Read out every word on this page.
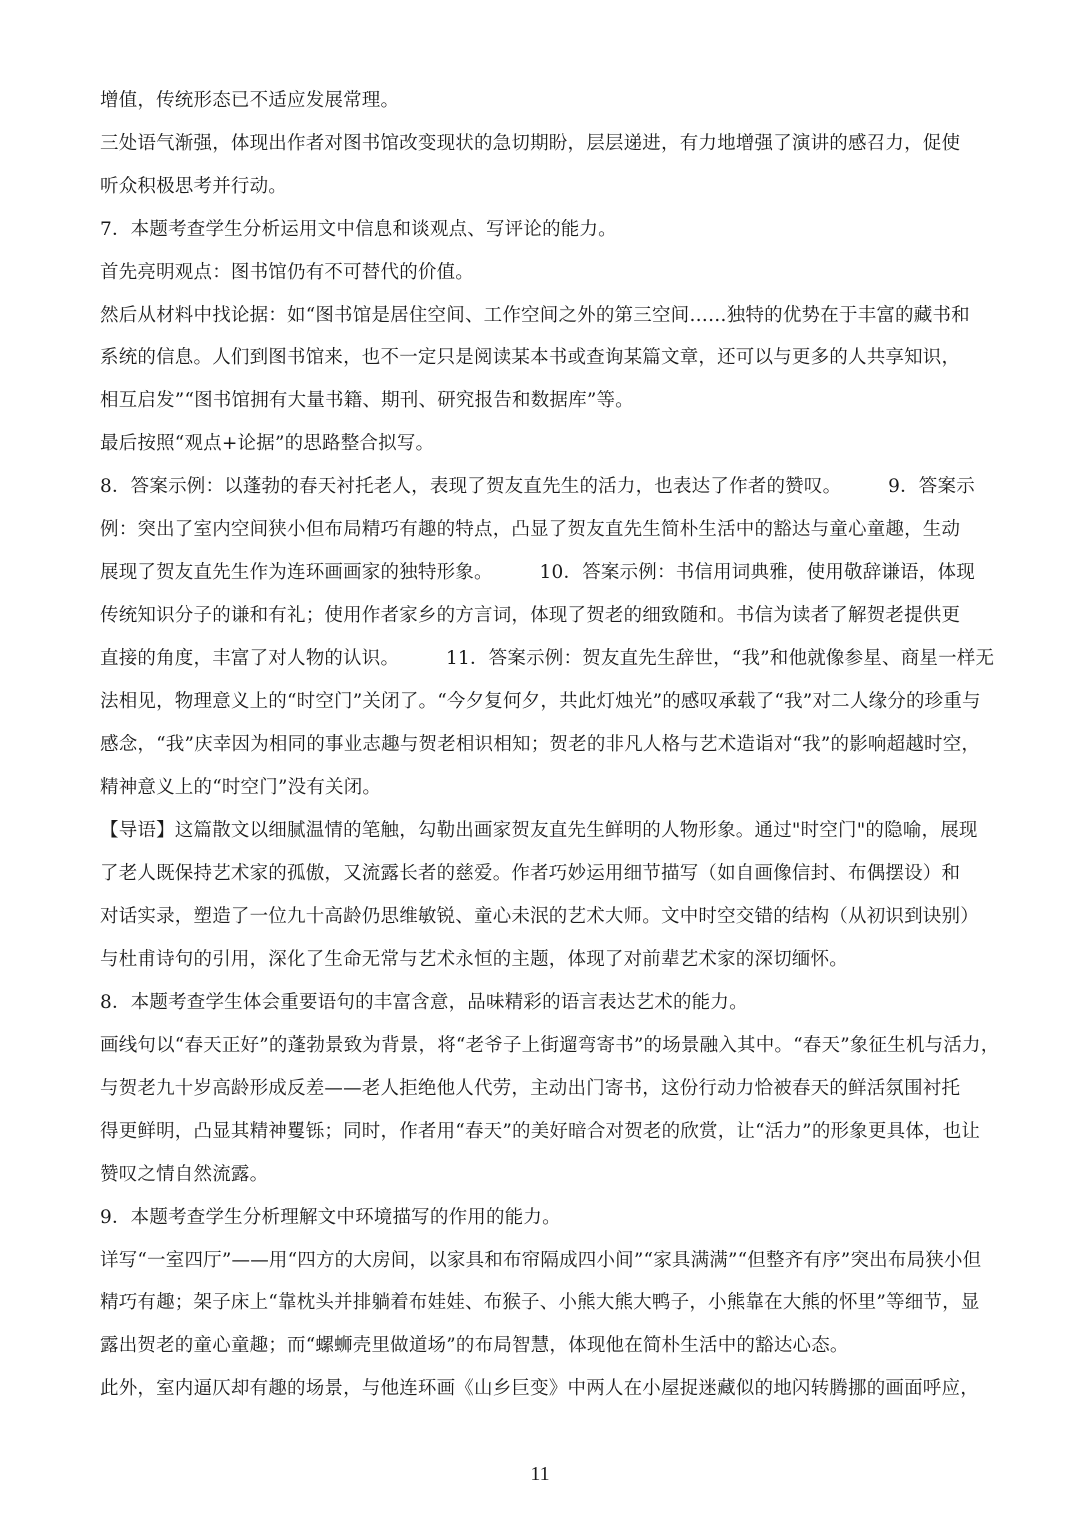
增值，传统形态已不适应发展常理。
三处语气渐强，体现出作者对图书馆改变现状的急切期盼，层层递进，有力地增强了演讲的感召力，促使
听众积极思考并行动。
7．本题考查学生分析运用文中信息和谈观点、写评论的能力。
首先亮明观点：图书馆仍有不可替代的价值。
然后从材料中找论据：如“图书馆是居住空间、工作空间之外的第三空间……独特的优势在于丰富的藏书和
系统的信息。人们到图书馆来，也不一定只是阅读某本书或查询某篇文章，还可以与更多的人共享知识，
相互启发”“图书馆拥有大量书籍、期刊、研究报告和数据库”等。
最后按照“观点+论据”的思路整合拟写。
8．答案示例：以蓬勃的春天衬托老人，表现了贺友直先生的活力，也表达了作者的赞叹。　　　9．答案示
例：突出了室内空间狭小但布局精巧有趣的特点，凸显了贺友直先生简朴生活中的豁达与童心童趣，生动
展现了贺友直先生作为连环画画家的独特形象。　　　10．答案示例：书信用词典雅，使用敬辞谦语，体现
传统知识分子的谦和有礼；使用作者家乡的方言词，体现了贺老的细致随和。书信为读者了解贺老提供更
直接的角度，丰富了对人物的认识。　　　11．答案示例：贺友直先生辞世，“我”和他就像参星、商星一样无
法相见，物理意义上的“时空门”关闭了。“今夕复何夕，共此灯烛光”的感叹承载了“我”对二人缘分的珍重与
感念，“我”庆幸因为相同的事业志趣与贺老相识相知；贺老的非凡人格与艺术造诣对“我”的影响超越时空，
精神意义上的“时空门”没有关闭。
【导语】这篇散文以细腻温情的笔触，勾勒出画家贺友直先生鲜明的人物形象。通过"时空门"的隐喻，展现
了老人既保持艺术家的孤傲，又流露长者的慈爱。作者巧妙运用细节描写（如自画像信封、布偶摆设）和
对话实录，塑造了一位九十高龄仍思维敏锐、童心未泯的艺术大师。文中时空交错的结构（从初识到诀别）
与杜甫诗句的引用，深化了生命无常与艺术永恒的主题，体现了对前辈艺术家的深切缅怀。
8．本题考查学生体会重要语句的丰富含意，品味精彩的语言表达艺术的能力。
画线句以“春天正好”的蓬勃景致为背景，将“老爷子上街遛弯寄书”的场景融入其中。“春天”象征生机与活力，
与贺老九十岁高龄形成反差——老人拒绝他人代劳，主动出门寄书，这份行动力恰被春天的鲜活氛围衬托
得更鲜明，凸显其精神矍铄；同时，作者用“春天”的美好暗合对贺老的欣赏，让“活力”的形象更具体，也让
赞叹之情自然流露。
9．本题考查学生分析理解文中环境描写的作用的能力。
详写“一室四厅”——用“四方的大房间，以家具和布帘隔成四小间”“家具满满”“但整齐有序”突出布局狭小但
精巧有趣；架子床上“靠枕头并排躺着布娃娃、布猴子、小熊大熊大鸭子，小熊靠在大熊的怀里”等细节，显
露出贺老的童心童趣；而“螺蛳壳里做道场”的布局智慧，体现他在简朴生活中的豁达心态。
此外，室内逼仄却有趣的场景，与他连环画《山乡巨变》中两人在小屋捉迷藏似的地闪转腾挪的画面呼应，
11
